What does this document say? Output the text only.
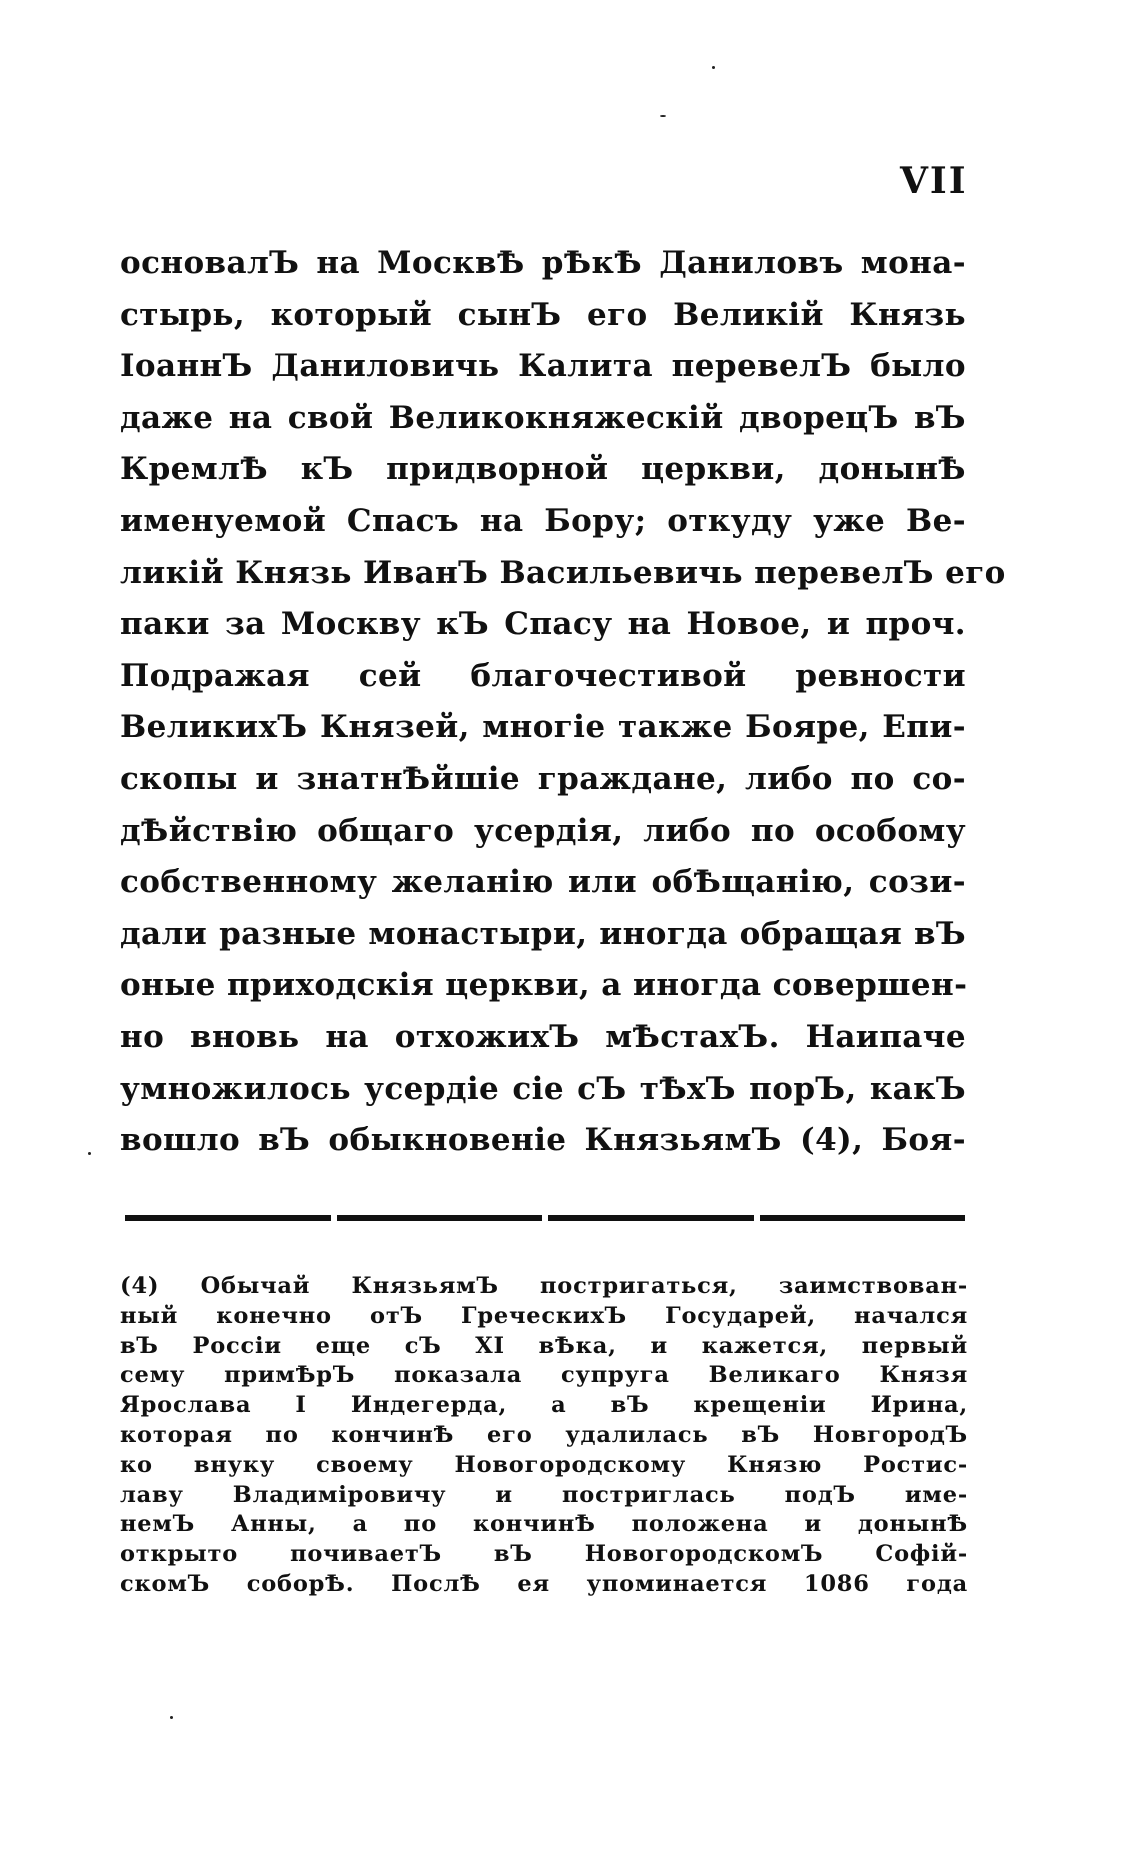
VII
основалЪ на МосквѢ рѢкѢ Даниловъ мона-
стырь, который сынЪ его Великій Князь
ІоаннЪ Даниловичь Калита перевелЪ было
даже на свой Великокняжескій дворецЪ вЪ
КремлѢ кЪ придворной церкви, донынѢ
именуемой Спасъ на Бору; откуду уже Ве-
ликій Князь ИванЪ Васильевичь перевелЪ его
паки за Москву кЪ Спасу на Новое, и проч.
Подражая сей благочестивой ревности
ВеликихЪ Князей, многіе также Бояре, Епи-
скопы и знатнѢйшіе граждане, либо по со-
дѢйствію общаго усердія, либо по особому
собственному желанію или обѢщанію, сози-
дали разные монастыри, иногда обращая вЪ
оные приходскія церкви, а иногда совершен-
но вновь на отхожихЪ мѢстахЪ. Наипаче
умножилось усердіе сіе сЪ тѢхЪ порЪ, какЪ
вошло вЪ обыкновеніе КнязьямЪ (4), Боя-
(4) Обычай КнязьямЪ постригаться, заимствован-
ный конечно отЪ ГреческихЪ Государей, начался
вЪ Россіи еще сЪ XI вѢка, и кажется, первый
сему примѢрЪ показала супруга Великаго Князя
Ярослава I Индегерда, а вЪ крещеніи Ирина,
которая по кончинѢ его удалилась вЪ НовгородЪ
ко внуку своему Новогородскому Князю Ростис-
лаву Владиміровичу и постриглась подЪ име-
немЪ Анны, а по кончинѢ положена и донынѢ
открыто почиваетЪ вЪ НовогородскомЪ Софій-
скомЪ соборѢ. ПослѢ ея упоминается 1086 года
